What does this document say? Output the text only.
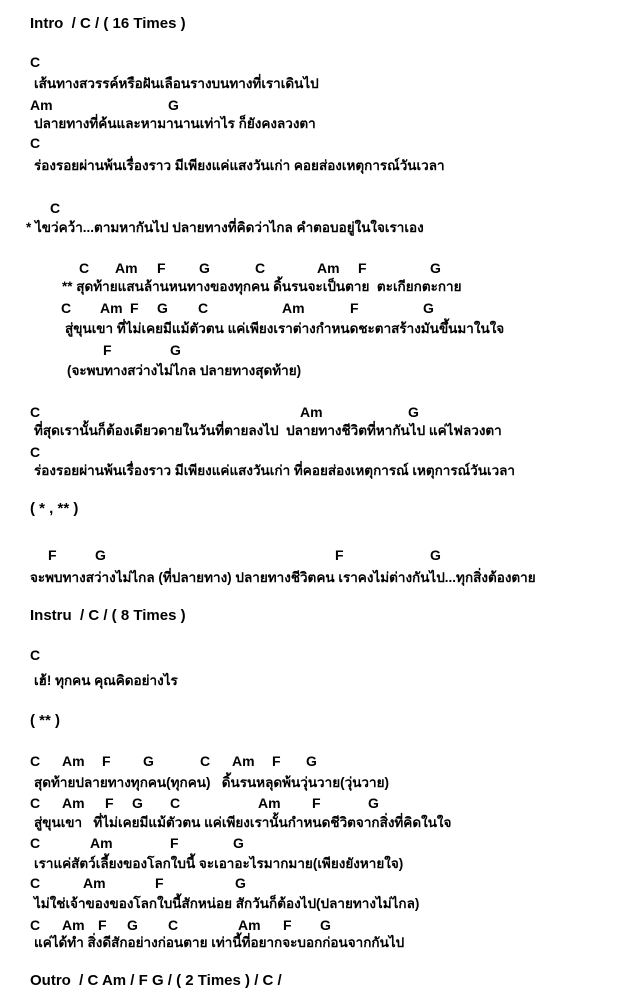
Intro  / C / ( 16 Times )
C
เส้นทางสวรรค์หรือฝันเลือนรางบนทางที่เราเดินไป
Am	G
ปลายทางที่ค้นและหามานานเท่าไร ก็ยังคงลวงตา
C
ร่องรอยผ่านพ้นเรื่องราว มีเพียงแค่แสงวันเก่า คอยส่องเหตุการณ์วันเวลา
C
* ไขว่คว้า...ตามหากันไป ปลายทางที่คิดว่าไกล คำตอบอยู่ในใจเราเอง
C Am F G	C	Am F	G
** สุดท้ายแสนล้านหนทางของทุกคน ดิ้นรนจะเป็นตาย  ตะเกียกตะกาย
C Am F G C	Am	F	G
สู่ขุนเขา ที่ไม่เคยมีแม้ตัวตน แค่เพียงเราต่างกำหนดชะตาสร้างมันขึ้นมาในใจ
F	G
(จะพบทางสว่างไม่ไกล ปลายทางสุดท้าย)
C	Am	G
ที่สุดเรานั้นก็ต้องเดียวดายในวันที่ตายลงไป  ปลายทางชีวิตที่หากันไป แค่ไฟลวงตา
C
ร่องรอยผ่านพ้นเรื่องราว มีเพียงแค่แสงวันเก่า ที่คอยส่องเหตุการณ์ เหตุการณ์วันเวลา
( * , ** )
F	G	F	G
จะพบทางสว่างไม่ไกล (ที่ปลายทาง) ปลายทางชีวิตคน เราคงไม่ต่างกันไป...ทุกสิ่งต้องตาย
Instru  / C / ( 8 Times )
C
เฮ้! ทุกคน คุณคิดอย่างไร
( ** )
C Am F G	C Am F G
สุดท้ายปลายทางทุกคน(ทุกคน)   ดิ้นรนหลุดพ้นวุ่นวาย(วุ่นวาย)
C Am F G C	Am F	G
สู่ขุนเขา   ที่ไม่เคยมีแม้ตัวตน แค่เพียงเรานั้นกำหนดชีวิตจากสิ่งที่คิดในใจ
C	Am	F	G
เราแค่สัตว์เลี้ยงของโลกใบนี้ จะเอาอะไรมากมาย(เพียงยังหายใจ)
C	Am	F	G
ไม่ใช่เจ้าของของโลกใบนี้สักหน่อย สักวันก็ต้องไป(ปลายทางไม่ไกล)
C Am F G C	Am F G
แค่ได้ทำ สิ่งดีสักอย่างก่อนตาย เท่านี้ที่อยากจะบอกก่อนจากกันไป
Outro  / C Am / F G / ( 2 Times ) / C /
